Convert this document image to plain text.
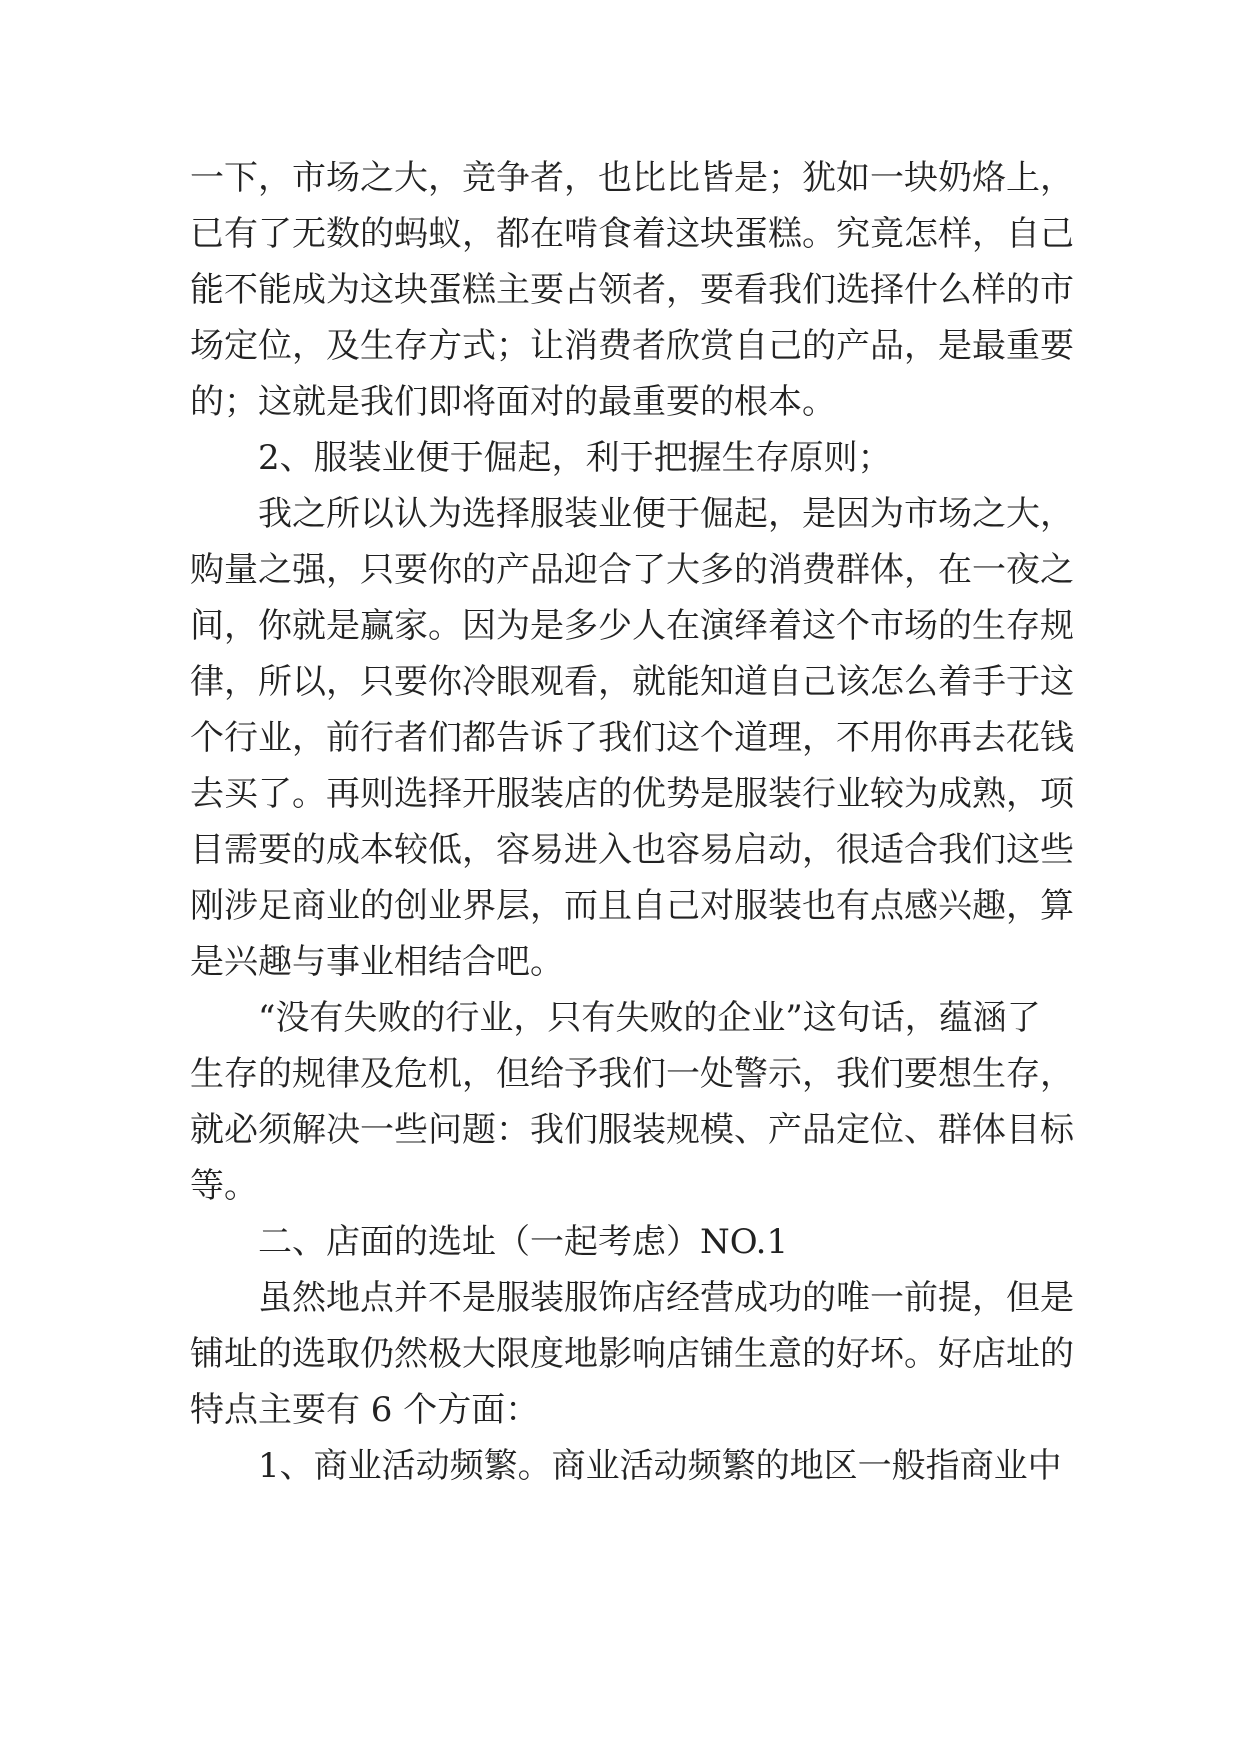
一下，市场之大，竞争者，也比比皆是；犹如一块奶烙上，
已有了无数的蚂蚁，都在啃食着这块蛋糕。究竟怎样，自己
能不能成为这块蛋糕主要占领者，要看我们选择什么样的市
场定位，及生存方式；让消费者欣赏自己的产品，是最重要
的；这就是我们即将面对的最重要的根本。
2、服装业便于倔起，利于把握生存原则；
我之所以认为选择服装业便于倔起，是因为市场之大，
购量之强，只要你的产品迎合了大多的消费群体，在一夜之
间，你就是赢家。因为是多少人在演绎着这个市场的生存规
律，所以，只要你冷眼观看，就能知道自己该怎么着手于这
个行业，前行者们都告诉了我们这个道理，不用你再去花钱
去买了。再则选择开服装店的优势是服装行业较为成熟，项
目需要的成本较低，容易进入也容易启动，很适合我们这些
刚涉足商业的创业界层，而且自己对服装也有点感兴趣，算
是兴趣与事业相结合吧。
“没有失败的行业，只有失败的企业”这句话，蕴涵了
生存的规律及危机，但给予我们一处警示，我们要想生存，
就必须解决一些问题：我们服装规模、产品定位、群体目标
等。
二、店面的选址（一起考虑）NO.1
虽然地点并不是服装服饰店经营成功的唯一前提，但是
铺址的选取仍然极大限度地影响店铺生意的好坏。好店址的
特点主要有 6 个方面：
1、商业活动频繁。商业活动频繁的地区一般指商业中
